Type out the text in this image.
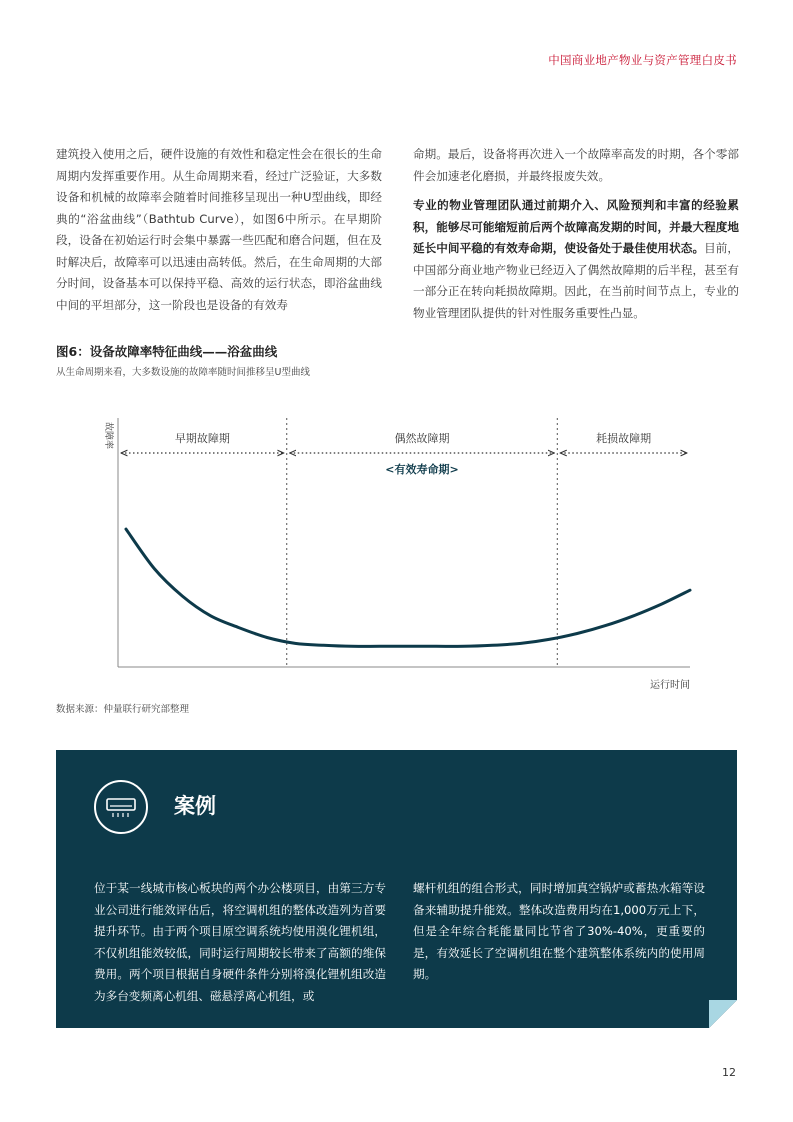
中国商业地产物业与资产管理白皮书

建筑投入使用之后，硬件设施的有效性和稳定性会在很长的生命周期内发挥重要作用。从生命周期来看，经过广泛验证，大多数设备和机械的故障率会随着时间推移呈现出一种U型曲线，即经典的“浴盆曲线”（Bathtub Curve），如图6中所示。在早期阶段，设备在初始运行时会集中暴露一些匹配和磨合问题，但在及时解决后，故障率可以迅速由高转低。然后，在生命周期的大部分时间，设备基本可以保持平稳、高效的运行状态，即浴盆曲线中间的平坦部分，这一阶段也是设备的有效寿

命期。最后，设备将再次进入一个故障率高发的时期，各个零部件会加速老化磨损，并最终报废失效。

专业的物业管理团队通过前期介入、风险预判和丰富的经验累积，能够尽可能缩短前后两个故障高发期的时间，并最大程度地延长中间平稳的有效寿命期，使设备处于最佳使用状态。目前，中国部分商业地产物业已经迈入了偶然故障期的后半程，甚至有一部分正在转向耗损故障期。因此，在当前时间节点上，专业的物业管理团队提供的针对性服务重要性凸显。

图6：设备故障率特征曲线——浴盆曲线
从生命周期来看，大多数设施的故障率随时间推移呈U型曲线
故障率
运行时间
早期故障期	偶然故障期	耗损故障期
<有效寿命期>
数据来源：仲量联行研究部整理
案例
位于某一线城市核心板块的两个办公楼项目，由第三方专业公司进行能效评估后，将空调机组的整体改造列为首要提升环节。由于两个项目原空调系统均使用溴化锂机组，不仅机组能效较低，同时运行周期较长带来了高额的维保费用。两个项目根据自身硬件条件分别将溴化锂机组改造为多台变频离心机组、磁悬浮离心机组，或
螺杆机组的组合形式，同时增加真空锅炉或蓄热水箱等设备来辅助提升能效。整体改造费用均在1,000万元上下，但是全年综合耗能量同比节省了30%-40%，更重要的是，有效延长了空调机组在整个建筑整体系统内的使用周期。
12
